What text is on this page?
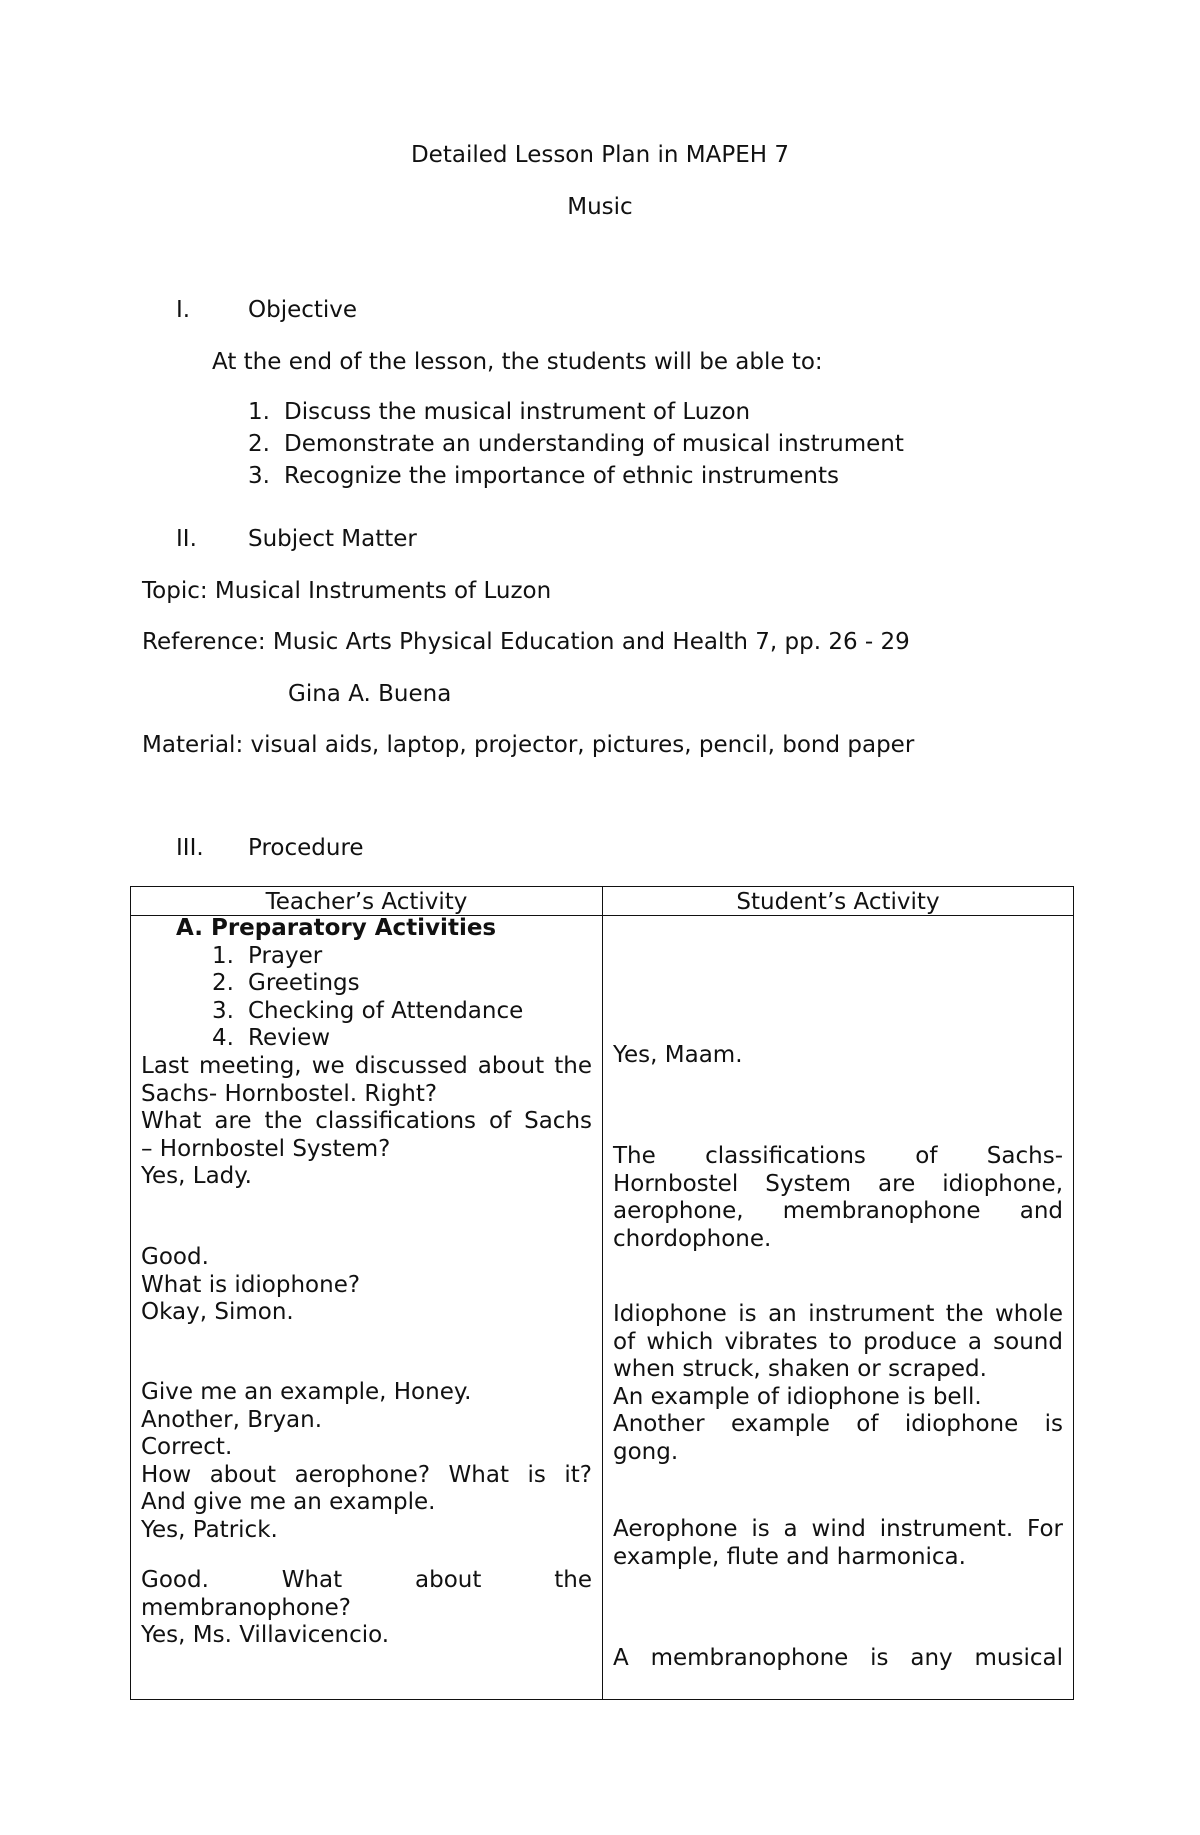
Detailed Lesson Plan in MAPEH 7
Music
I.	Objective
At the end of the lesson, the students will be able to:
1. Discuss the musical instrument of Luzon
2. Demonstrate an understanding of musical instrument
3. Recognize the importance of ethnic instruments
II. Subject Matter
Topic: Musical Instruments of Luzon
Reference: Music Arts Physical Education and Health 7, pp. 26 - 29
Gina A. Buena
Material: visual aids, laptop, projector, pictures, pencil, bond paper
III. Procedure
Teacher’s Activity	Student’s Activity
A. Preparatory Activities
1. Prayer
2. Greetings
3. Checking of Attendance
4. Review
Last meeting, we discussed about the
Sachs- Hornbostel. Right?
What are the classifications of Sachs
– Hornbostel System?
Yes, Lady.
Good.
What is idiophone?
Okay, Simon.
Give me an example, Honey.
Another, Bryan.
Correct.
How about aerophone? What is it?
And give me an example.
Yes, Patrick.
Good. What about the
membranophone?
Yes, Ms. Villavicencio.
Yes, Maam.
The classifications of Sachs-
Hornbostel System are idiophone,
aerophone, membranophone and
chordophone.
Idiophone is an instrument the whole
of which vibrates to produce a sound
when struck, shaken or scraped.
An example of idiophone is bell.
Another example of idiophone is
gong.
Aerophone is a wind instrument. For
example, flute and harmonica.
A membranophone is any musical
